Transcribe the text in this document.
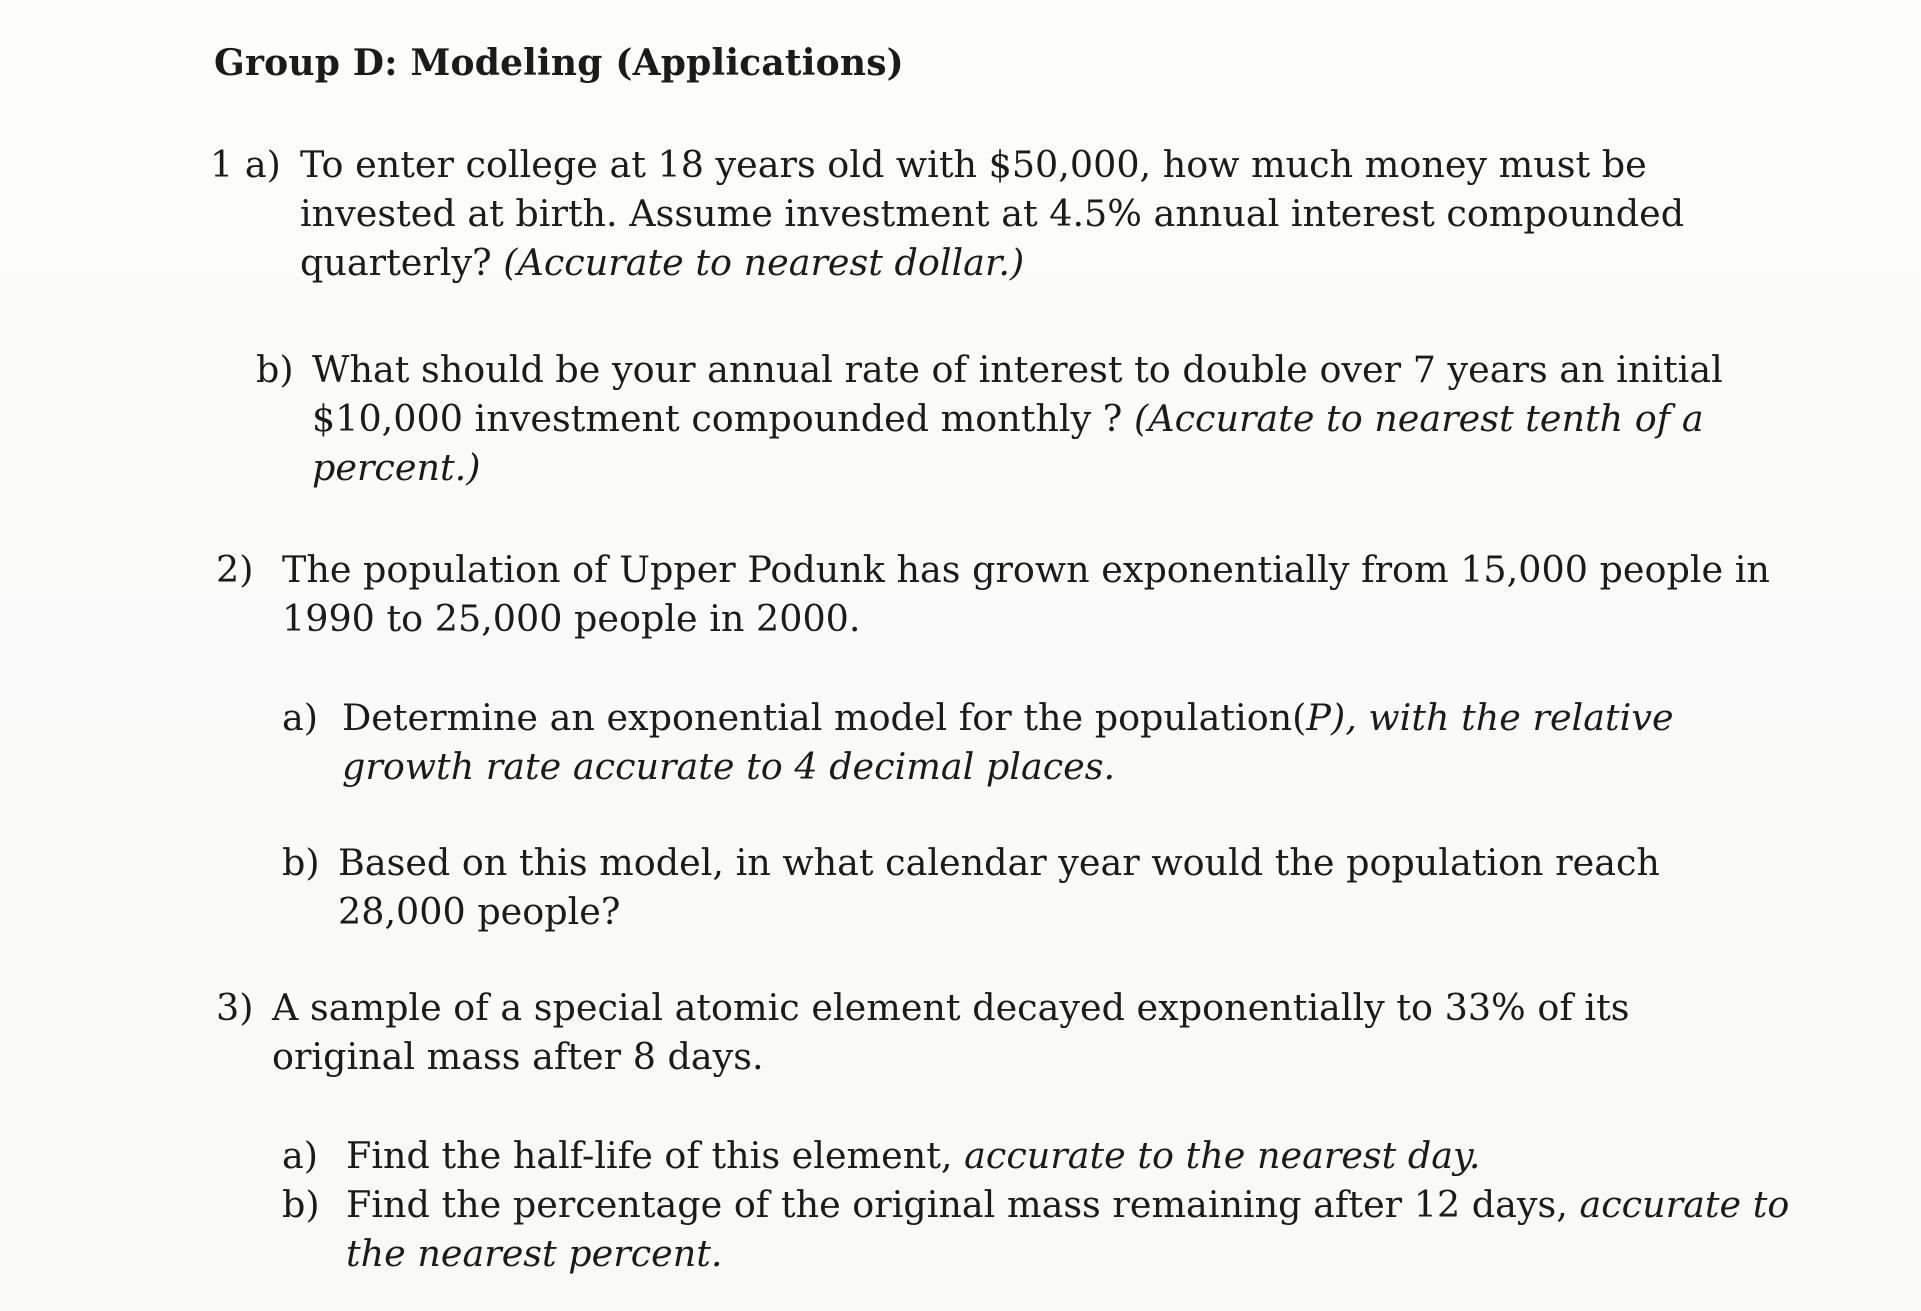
Group D: Modeling (Applications)
1 a) To enter college at 18 years old with $50,000, how much money must be
invested at birth. Assume investment at 4.5% annual interest compounded
quarterly? (Accurate to nearest dollar.)
b) What should be your annual rate of interest to double over 7 years an initial
$10,000 investment compounded monthly ? (Accurate to nearest tenth of a
percent.)
2) The population of Upper Podunk has grown exponentially from 15,000 people in
1990 to 25,000 people in 2000.
a) Determine an exponential model for the population(P), with the relative
growth rate accurate to 4 decimal places.
b) Based on this model, in what calendar year would the population reach
28,000 people?
3) A sample of a special atomic element decayed exponentially to 33% of its
original mass after 8 days.
a) Find the half-life of this element, accurate to the nearest day.
b) Find the percentage of the original mass remaining after 12 days, accurate to
the nearest percent.
